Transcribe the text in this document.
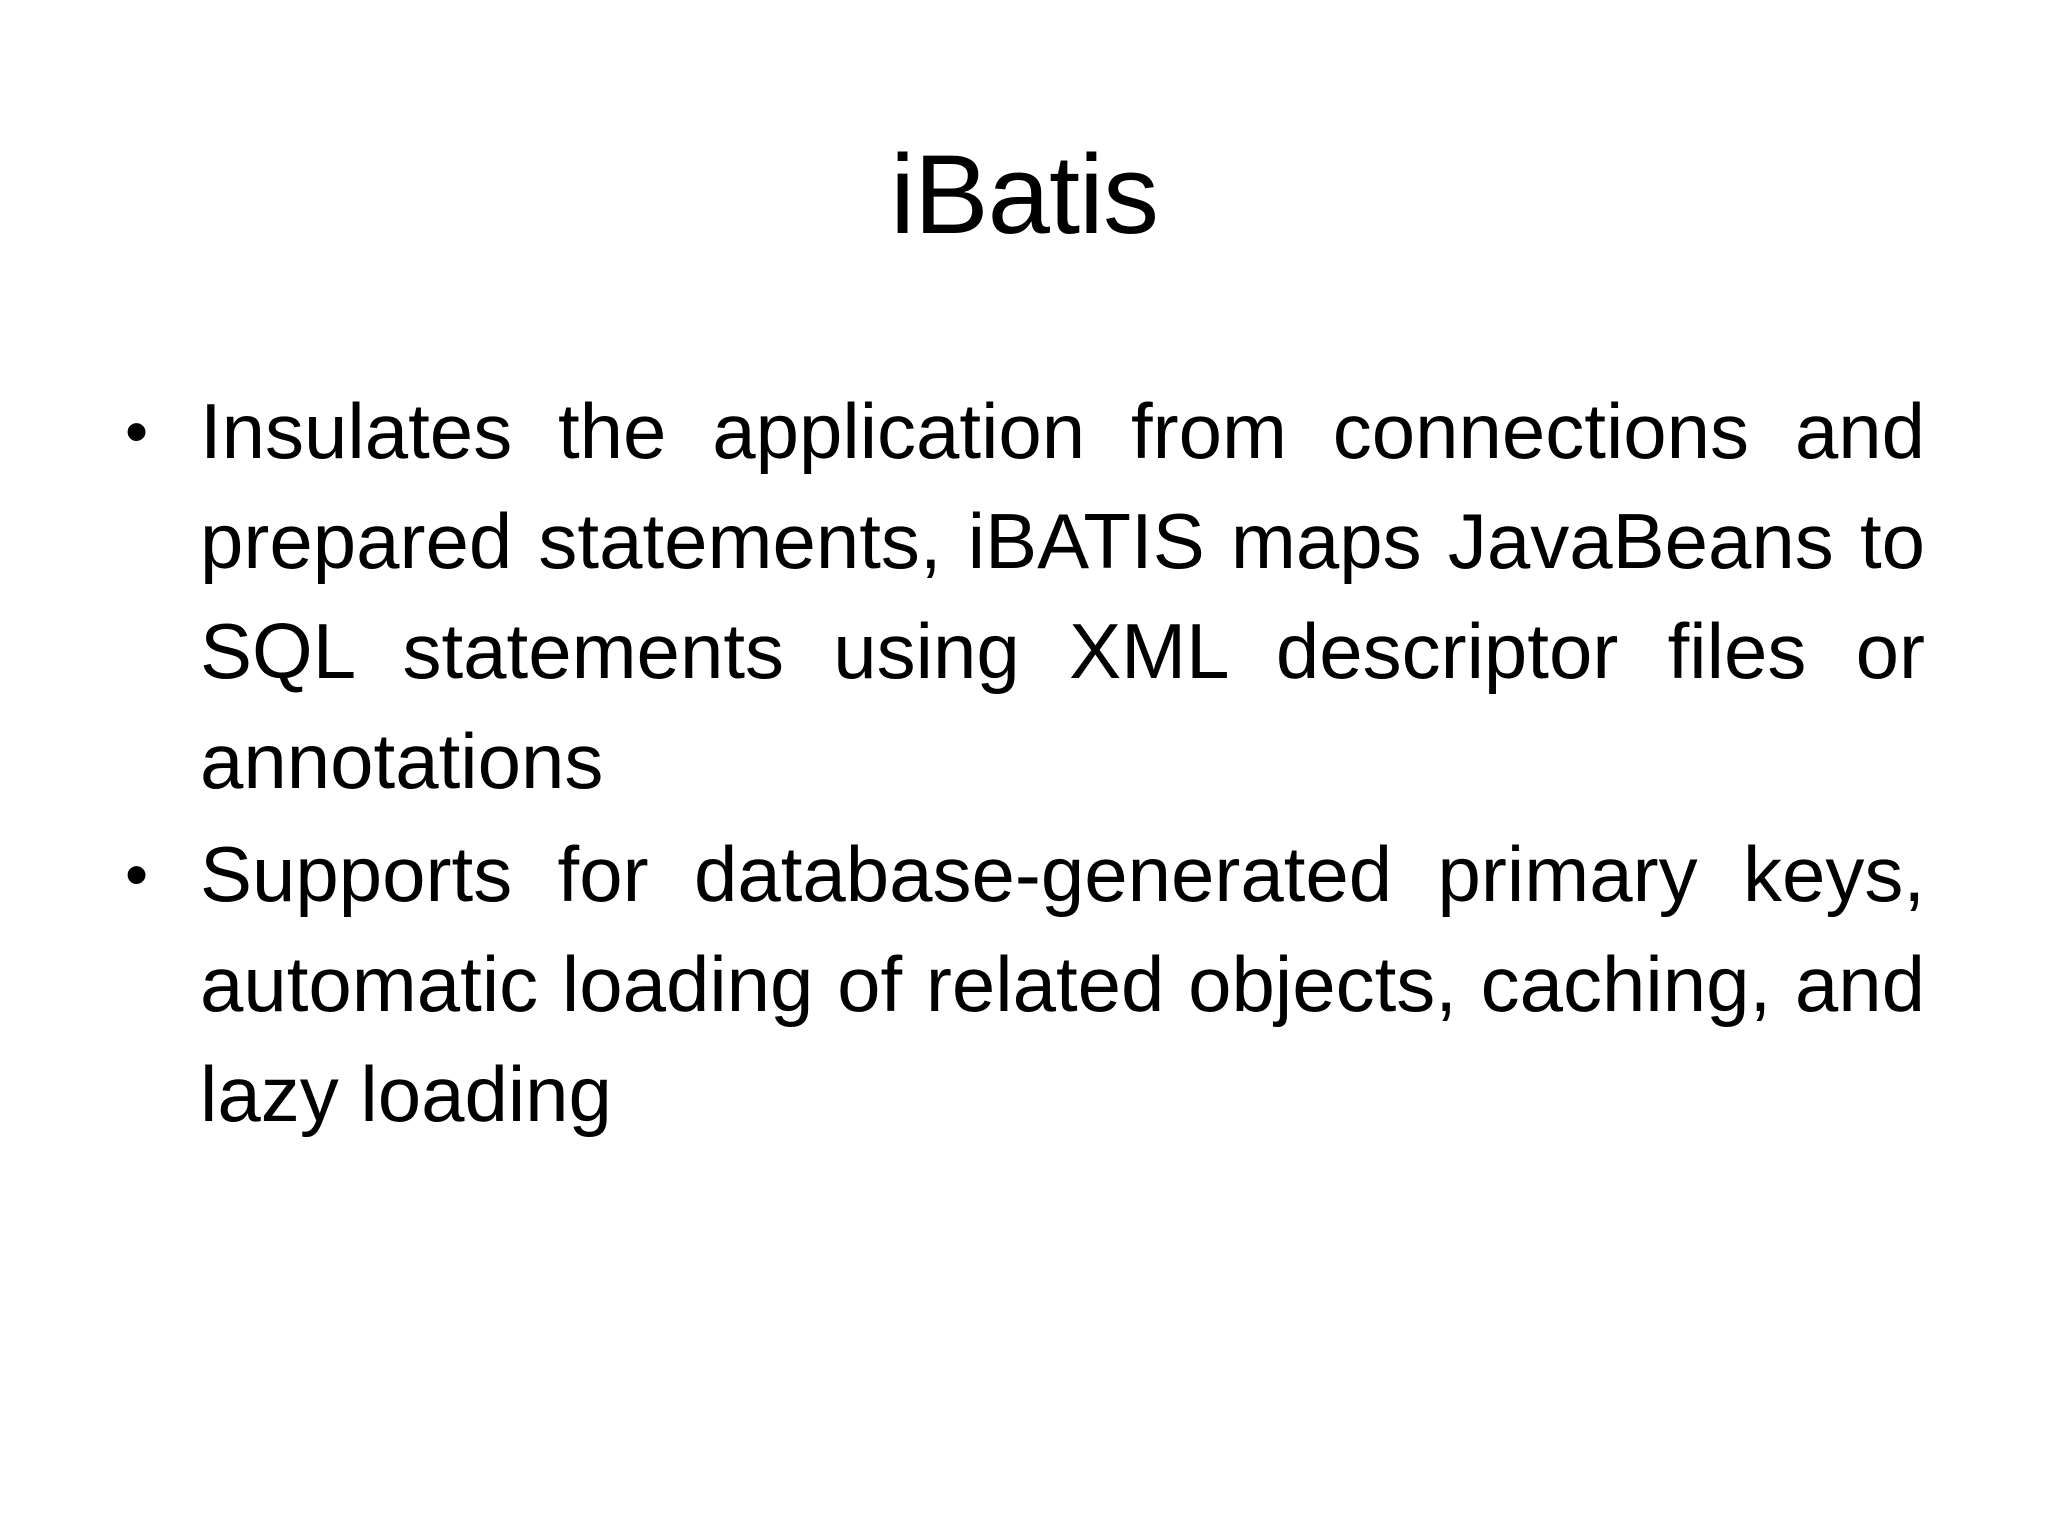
iBatis
• Insulates the application from connections and prepared statements, iBATIS maps JavaBeans to SQL statements using XML descriptor files or annotations
• Supports for database-generated primary keys, automatic loading of related objects, caching, and lazy loading
